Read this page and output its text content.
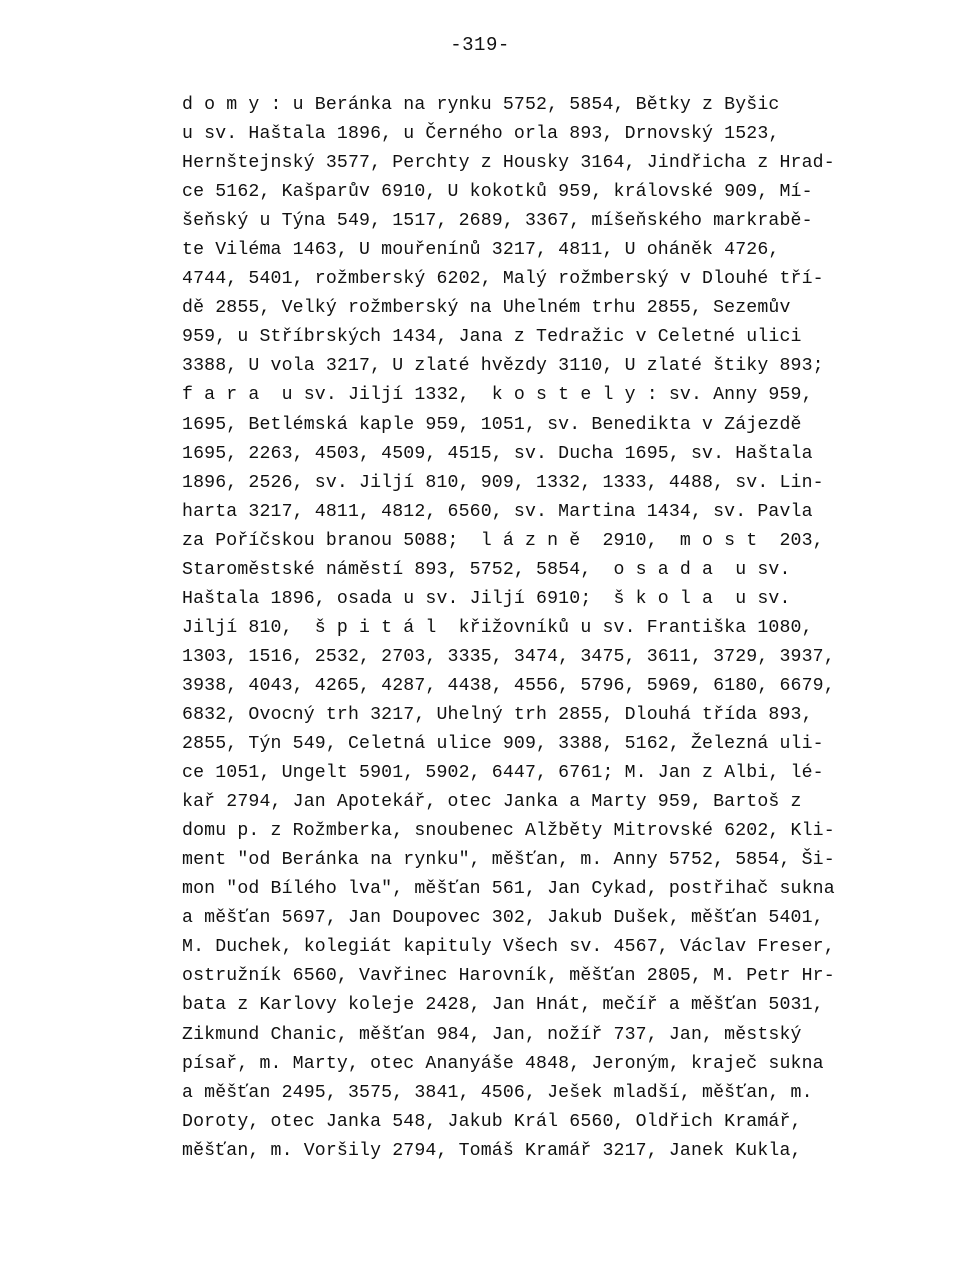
-319-
d o m y : u Beránka na rynku 5752, 5854, Bětky z Byšic
u sv. Haštala 1896, u Černého orla 893, Drnovský 1523,
Hernštejnský 3577, Perchty z Housky 3164, Jindřicha z Hrad-
ce 5162, Kašparův 6910, U kokotků 959, královské 909, Mí-
šeňský u Týna 549, 1517, 2689, 3367, míšeňského markrabě-
te Viléma 1463, U mouřenínů 3217, 4811, U oháněk 4726,
4744, 5401, rožmberský 6202, Malý rožmberský v Dlouhé tří-
dě 2855, Velký rožmberský na Uhelném trhu 2855, Sezemův
959, u Stříbrských 1434, Jana z Tedražic v Celetné ulici
3388, U vola 3217, U zlaté hvězdy 3110, U zlaté štiky 893;
f a r a  u sv. Jiljí 1332,  k o s t e l y : sv. Anny 959,
1695, Betlémská kaple 959, 1051, sv. Benedikta v Zájezdě
1695, 2263, 4503, 4509, 4515, sv. Ducha 1695, sv. Haštala
1896, 2526, sv. Jiljí 810, 909, 1332, 1333, 4488, sv. Lin-
harta 3217, 4811, 4812, 6560, sv. Martina 1434, sv. Pavla
za Poříčskou branou 5088;  l á z n ě  2910,  m o s t  203,
Staroměstské náměstí 893, 5752, 5854,  o s a d a  u sv.
Haštala 1896, osada u sv. Jiljí 6910;  š k o l a  u sv.
Jiljí 810,  š p i t á l  křižovníků u sv. Františka 1080,
1303, 1516, 2532, 2703, 3335, 3474, 3475, 3611, 3729, 3937,
3938, 4043, 4265, 4287, 4438, 4556, 5796, 5969, 6180, 6679,
6832, Ovocný trh 3217, Uhelný trh 2855, Dlouhá třída 893,
2855, Týn 549, Celetná ulice 909, 3388, 5162, Železná uli-
ce 1051, Ungelt 5901, 5902, 6447, 6761; M. Jan z Albi, lé-
kař 2794, Jan Apotekář, otec Janka a Marty 959, Bartoš z
domu p. z Rožmberka, snoubenec Alžběty Mitrovské 6202, Kli-
ment "od Beránka na rynku", měšťan, m. Anny 5752, 5854, Ši-
mon "od Bílého lva", měšťan 561, Jan Cykad, postřihač sukna
a měšťan 5697, Jan Doupovec 302, Jakub Dušek, měšťan 5401,
M. Duchek, kolegiát kapituly Všech sv. 4567, Václav Freser,
ostružník 6560, Vavřinec Harovník, měšťan 2805, M. Petr Hr-
bata z Karlovy koleje 2428, Jan Hnát, mečíř a měšťan 5031,
Zikmund Chanic, měšťan 984, Jan, nožíř 737, Jan, městský
písař, m. Marty, otec Ananyáše 4848, Jeroným, kraječ sukna
a měšťan 2495, 3575, 3841, 4506, Ješek mladší, měšťan, m.
Doroty, otec Janka 548, Jakub Král 6560, Oldřich Kramář,
měšťan, m. Voršily 2794, Tomáš Kramář 3217, Janek Kukla,
